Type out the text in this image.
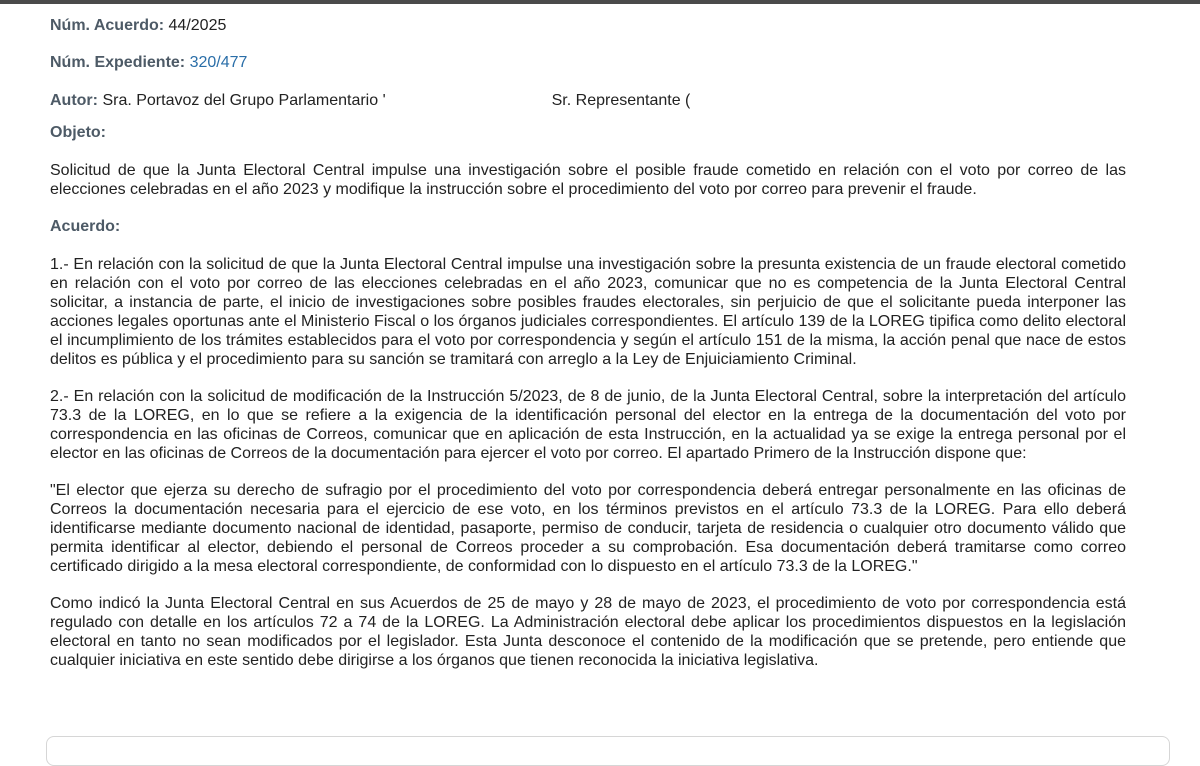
Núm. Acuerdo: 44/2025
Núm. Expediente: 320/477
Autor: Sra. Portavoz del Grupo Parlamentario '	Sr. Representante (
Objetо:

Solicitud de que la Junta Electoral Central impulse una investigación sobre el posible fraude cometido en relación con el voto por correo de las elecciones celebradas en el año 2023 y modifique la instrucción sobre el procedimiento del voto por correo para prevenir el fraude.

Acuerdo:

1.- En relación con la solicitud de que la Junta Electoral Central impulse una investigación sobre la presunta existencia de un fraude electoral cometido en relación con el voto por correo de las elecciones celebradas en el año 2023, comunicar que no es competencia de la Junta Electoral Central solicitar, a instancia de parte, el inicio de investigaciones sobre posibles fraudes electorales, sin perjuicio de que el solicitante pueda interponer las acciones legales oportunas ante el Ministerio Fiscal o los órganos judiciales correspondientes. El artículo 139 de la LOREG tipifica como delito electoral el incumplimiento de los trámites establecidos para el voto por correspondencia y según el artículo 151 de la misma, la acción penal que nace de estos delitos es pública y el procedimiento para su sanción se tramitará con arreglo a la Ley de Enjuiciamiento Criminal.

2.- En relación con la solicitud de modificación de la Instrucción 5/2023, de 8 de junio, de la Junta Electoral Central, sobre la interpretación del artículo 73.3 de la LOREG, en lo que se refiere a la exigencia de la identificación personal del elector en la entrega de la documentación del voto por correspondencia en las oficinas de Correos, comunicar que en aplicación de esta Instrucción, en la actualidad ya se exige la entrega personal por el elector en las oficinas de Correos de la documentación para ejercer el voto por correo. El apartado Primero de la Instrucción dispone que:

"El elector que ejerza su derecho de sufragio por el procedimiento del voto por correspondencia deberá entregar personalmente en las oficinas de Correos la documentación necesaria para el ejercicio de ese voto, en los términos previstos en el artículo 73.3 de la LOREG. Para ello deberá identificarse mediante documento nacional de identidad, pasaporte, permiso de conducir, tarjeta de residencia o cualquier otro documento válido que permita identificar al elector, debiendo el personal de Correos proceder a su comprobación. Esa documentación deberá tramitarse como correo certificado dirigido a la mesa electoral correspondiente, de conformidad con lo dispuesto en el artículo 73.3 de la LOREG."

Como indicó la Junta Electoral Central en sus Acuerdos de 25 de mayo y 28 de mayo de 2023, el procedimiento de voto por correspondencia está regulado con detalle en los artículos 72 a 74 de la LOREG. La Administración electoral debe aplicar los procedimientos dispuestos en la legislación electoral en tanto no sean modificados por el legislador. Esta Junta desconoce el contenido de la modificación que se pretende, pero entiende que cualquier iniciativa en este sentido debe dirigirse a los órganos que tienen reconocida la iniciativa legislativa.
